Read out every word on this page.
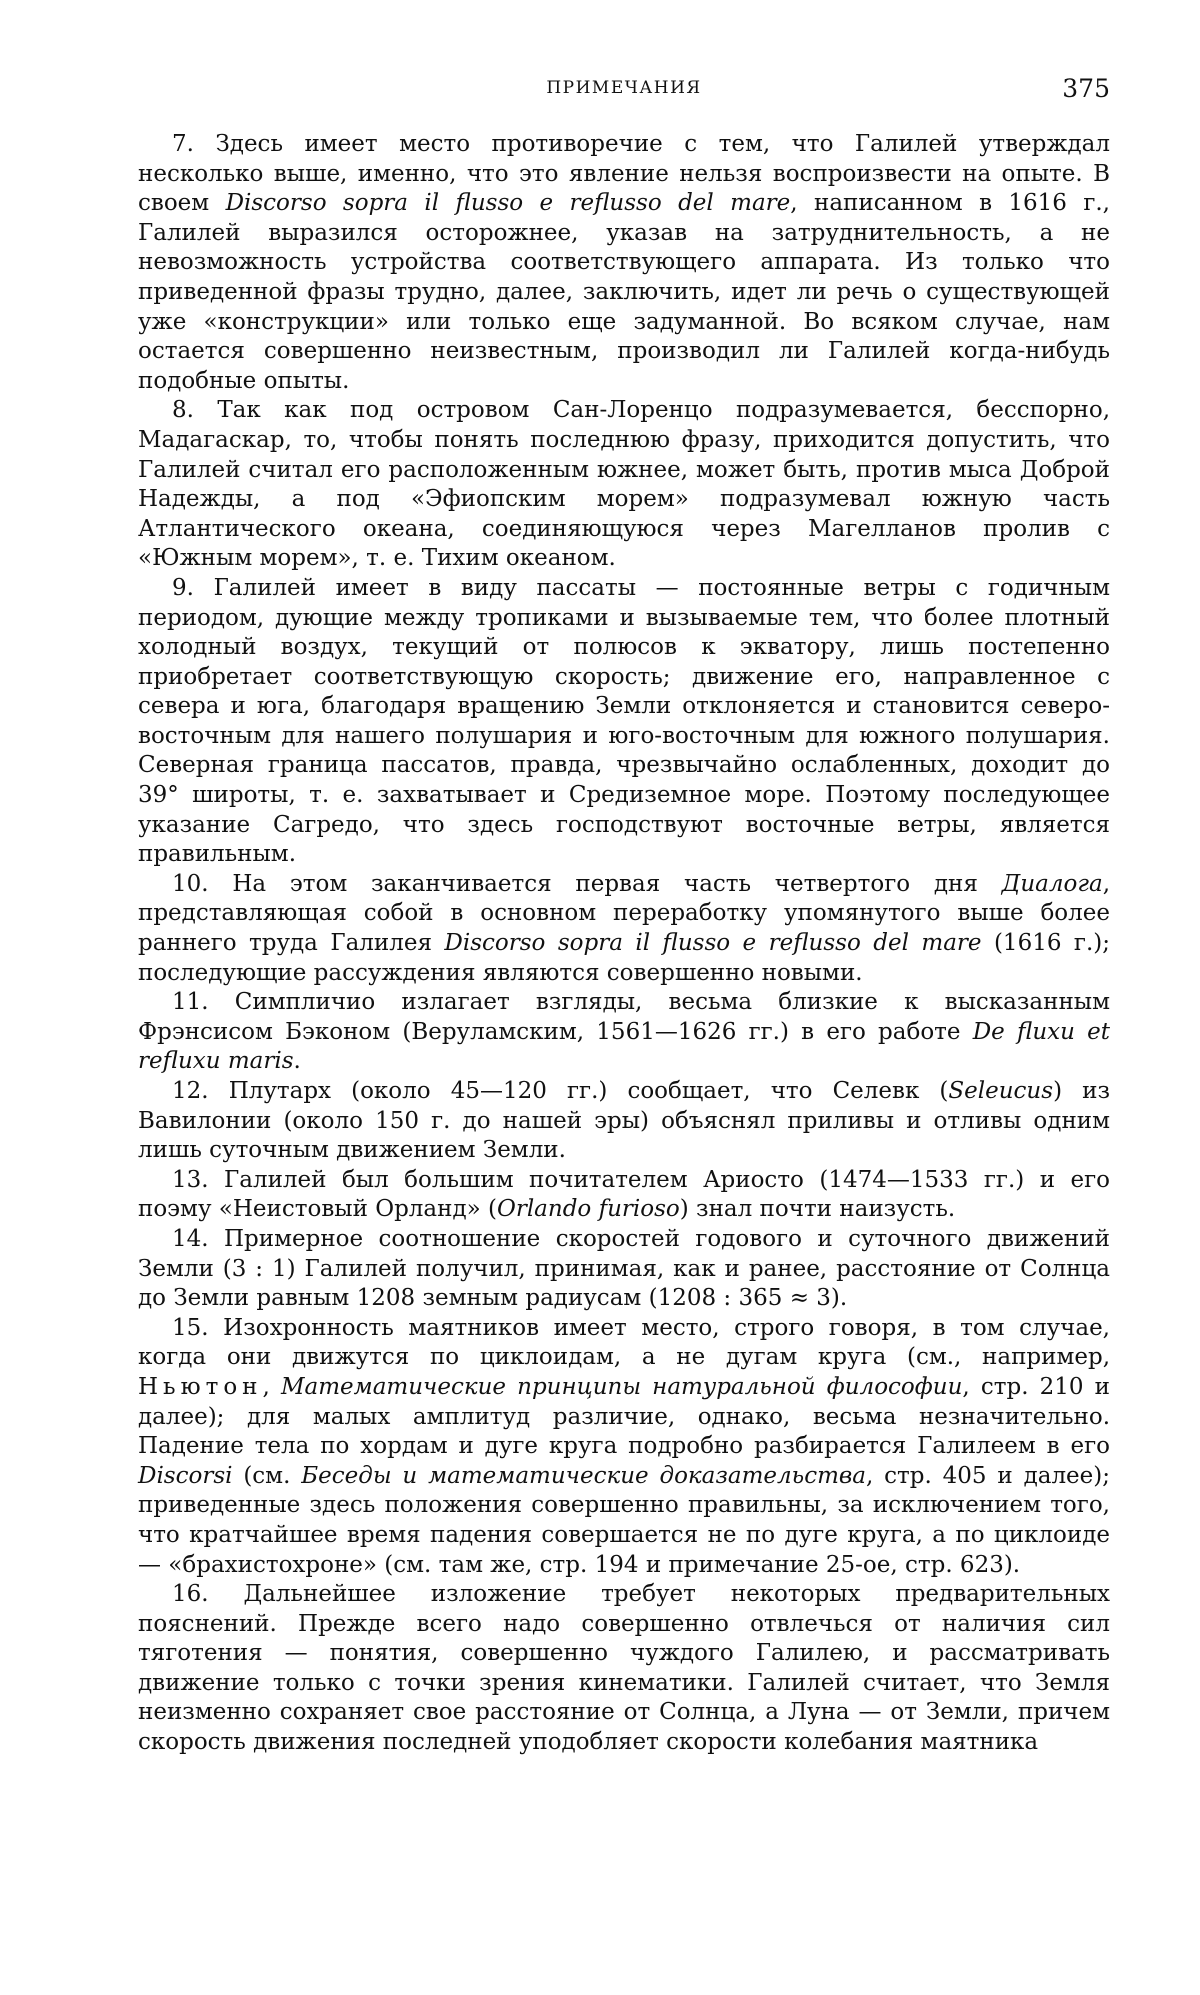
ПРИМЕЧАНИЯ	375

7. Здесь имеет место противоречие с тем, что Галилей утверждал несколько выше, именно, что это явление нельзя воспроизвести на опыте. В своем Discorso sopra il flusso e reflusso del mare, написанном в 1616 г., Галилей выразился осторожнее, указав на затруднительность, а не невозможность устройства соответствующего аппарата. Из только что приведенной фразы трудно, далее, заключить, идет ли речь о существующей уже «конструкции» или только еще задуманной. Во всяком случае, нам остается совершенно неизвестным, производил ли Галилей когда-нибудь подобные опыты.

8. Так как под островом Сан-Лоренцо подразумевается, бесспорно, Мадагаскар, то, чтобы понять последнюю фразу, приходится допустить, что Галилей считал его расположенным южнее, может быть, против мыса Доброй Надежды, а под «Эфиопским морем» подразумевал южную часть Атлантического океана, соединяющуюся через Магелланов пролив с «Южным морем», т. е. Тихим океаном.

9. Галилей имеет в виду пассаты — постоянные ветры с годичным периодом, дующие между тропиками и вызываемые тем, что более плотный холодный воздух, текущий от полюсов к экватору, лишь постепенно приобретает соответствующую скорость; движение его, направленное с севера и юга, благодаря вращению Земли отклоняется и становится северо-восточным для нашего полушария и юго-восточным для южного полушария. Северная граница пассатов, правда, чрезвычайно ослабленных, доходит до 39° широты, т. е. захватывает и Средиземное море. Поэтому последующее указание Сагредо, что здесь господствуют восточные ветры, является правильным.

10. На этом заканчивается первая часть четвертого дня Диалога, представляющая собой в основном переработку упомянутого выше более раннего труда Галилея Discorso sopra il flusso e reflusso del mare (1616 г.); последующие рассуждения являются совершенно новыми.

11. Симпличио излагает взгляды, весьма близкие к высказанным Фрэнсисом Бэконом (Веруламским, 1561—1626 гг.) в его работе De fluxu et refluxu maris.

12. Плутарх (около 45—120 гг.) сообщает, что Селевк (Seleucus) из Вавилонии (около 150 г. до нашей эры) объяснял приливы и отливы одним лишь суточным движением Земли.

13. Галилей был большим почитателем Ариосто (1474—1533 гг.) и его поэму «Неистовый Орланд» (Orlando furioso) знал почти наизусть.

14. Примерное соотношение скоростей годового и суточного движений Земли (3 : 1) Галилей получил, принимая, как и ранее, расстояние от Солнца до Земли равным 1208 земным радиусам (1208 : 365 ≈ 3).

15. Изохронность маятников имеет место, строго говоря, в том случае, когда они движутся по циклоидам, а не дугам круга (см., например, Ньютон, Математические принципы натуральной философии, стр. 210 и далее); для малых амплитуд различие, однако, весьма незначительно. Падение тела по хордам и дуге круга подробно разбирается Галилеем в его Discorsi (см. Беседы и математические доказательства, стр. 405 и далее); приведенные здесь положения совершенно правильны, за исключением того, что кратчайшее время падения совершается не по дуге круга, а по циклоиде — «брахистохроне» (см. там же, стр. 194 и примечание 25-ое, стр. 623).

16. Дальнейшее изложение требует некоторых предварительных пояснений. Прежде всего надо совершенно отвлечься от наличия сил тяготения — понятия, совершенно чуждого Галилею, и рассматривать движение только с точки зрения кинематики. Галилей считает, что Земля неизменно сохраняет свое расстояние от Солнца, а Луна — от Земли, причем скорость движения последней уподобляет скорости колебания маятника
